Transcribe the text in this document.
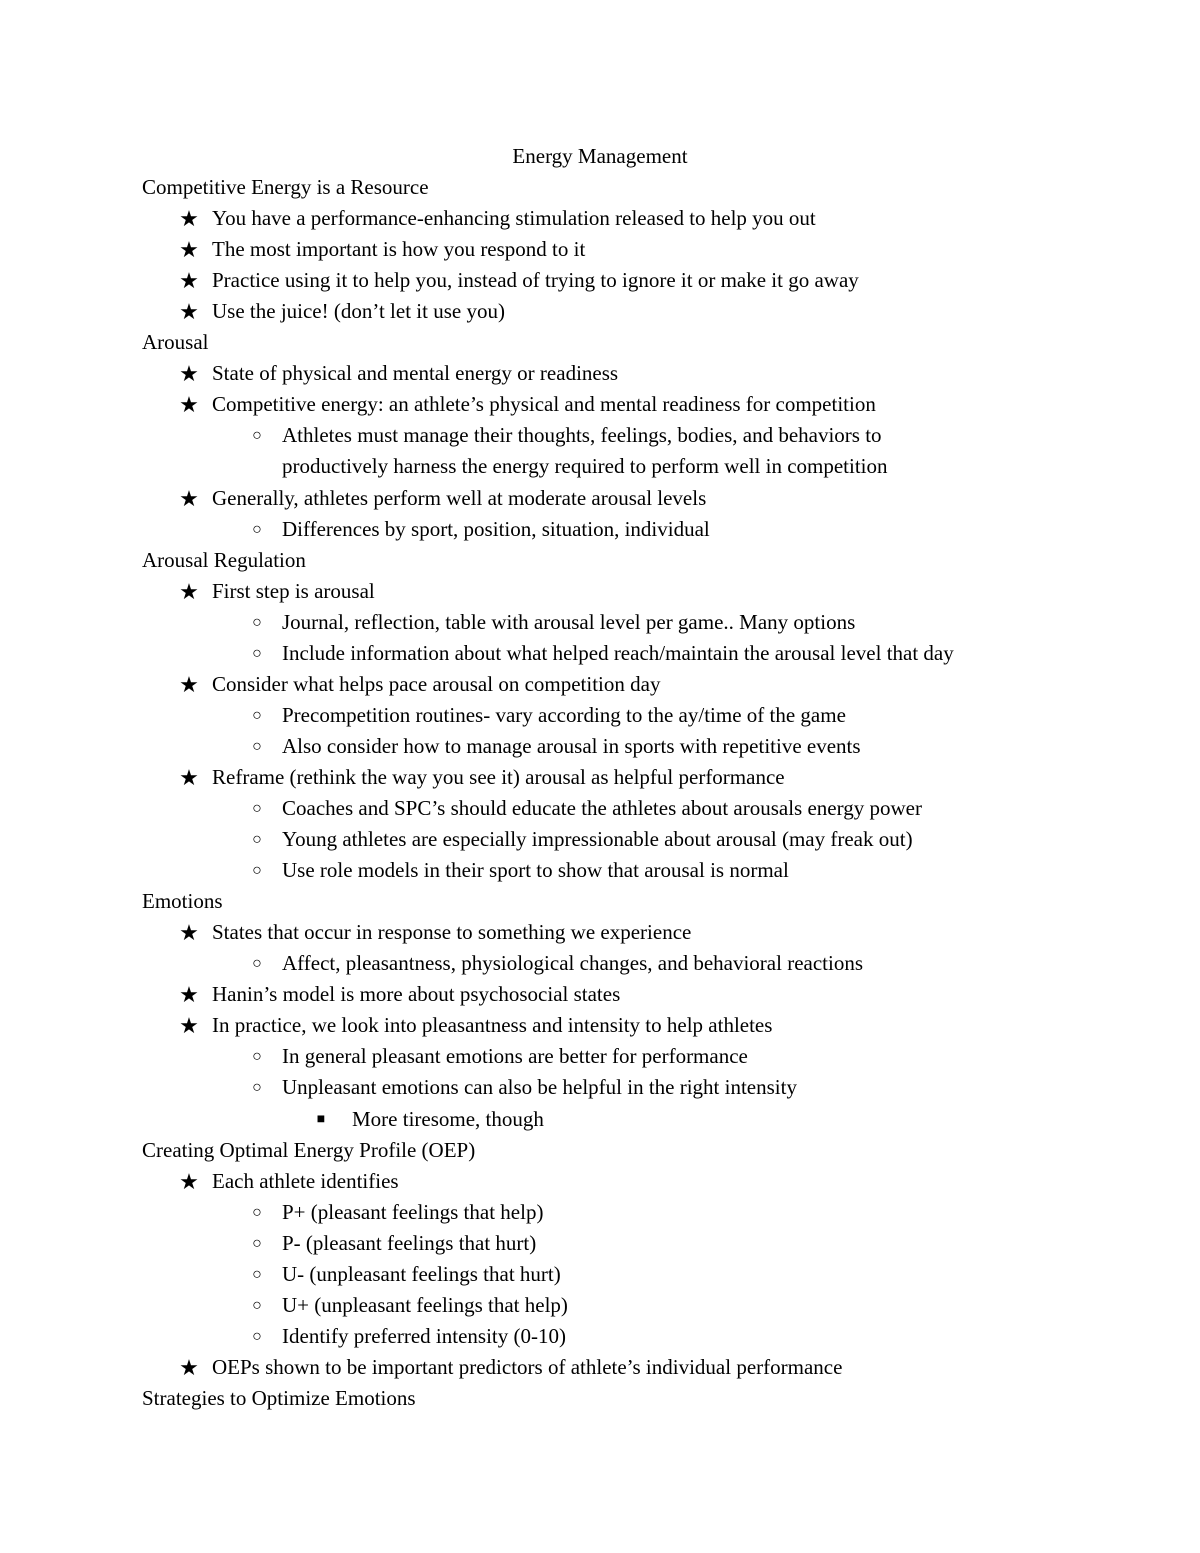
Energy Management
Competitive Energy is a Resource
★ You have a performance-enhancing stimulation released to help you out
★ The most important is how you respond to it
★ Practice using it to help you, instead of trying to ignore it or make it go away
★ Use the juice! (don’t let it use you)
Arousal
★ State of physical and mental energy or readiness
★ Competitive energy: an athlete’s physical and mental readiness for competition
○ Athletes must manage their thoughts, feelings, bodies, and behaviors to
productively harness the energy required to perform well in competition
★ Generally, athletes perform well at moderate arousal levels
○ Differences by sport, position, situation, individual
Arousal Regulation
★ First step is arousal
○ Journal, reflection, table with arousal level per game.. Many options
○ Include information about what helped reach/maintain the arousal level that day
★ Consider what helps pace arousal on competition day
○ Precompetition routines- vary according to the ay/time of the game
○ Also consider how to manage arousal in sports with repetitive events
★ Reframe (rethink the way you see it) arousal as helpful performance
○ Coaches and SPC’s should educate the athletes about arousals energy power
○ Young athletes are especially impressionable about arousal (may freak out)
○ Use role models in their sport to show that arousal is normal
Emotions
★ States that occur in response to something we experience
○ Affect, pleasantness, physiological changes, and behavioral reactions
★ Hanin’s model is more about psychosocial states
★ In practice, we look into pleasantness and intensity to help athletes
○ In general pleasant emotions are better for performance
○ Unpleasant emotions can also be helpful in the right intensity
■ More tiresome, though
Creating Optimal Energy Profile (OEP)
★ Each athlete identifies
○ P+ (pleasant feelings that help)
○ P- (pleasant feelings that hurt)
○ U- (unpleasant feelings that hurt)
○ U+ (unpleasant feelings that help)
○ Identify preferred intensity (0-10)
★ OEPs shown to be important predictors of athlete’s individual performance
Strategies to Optimize Emotions
